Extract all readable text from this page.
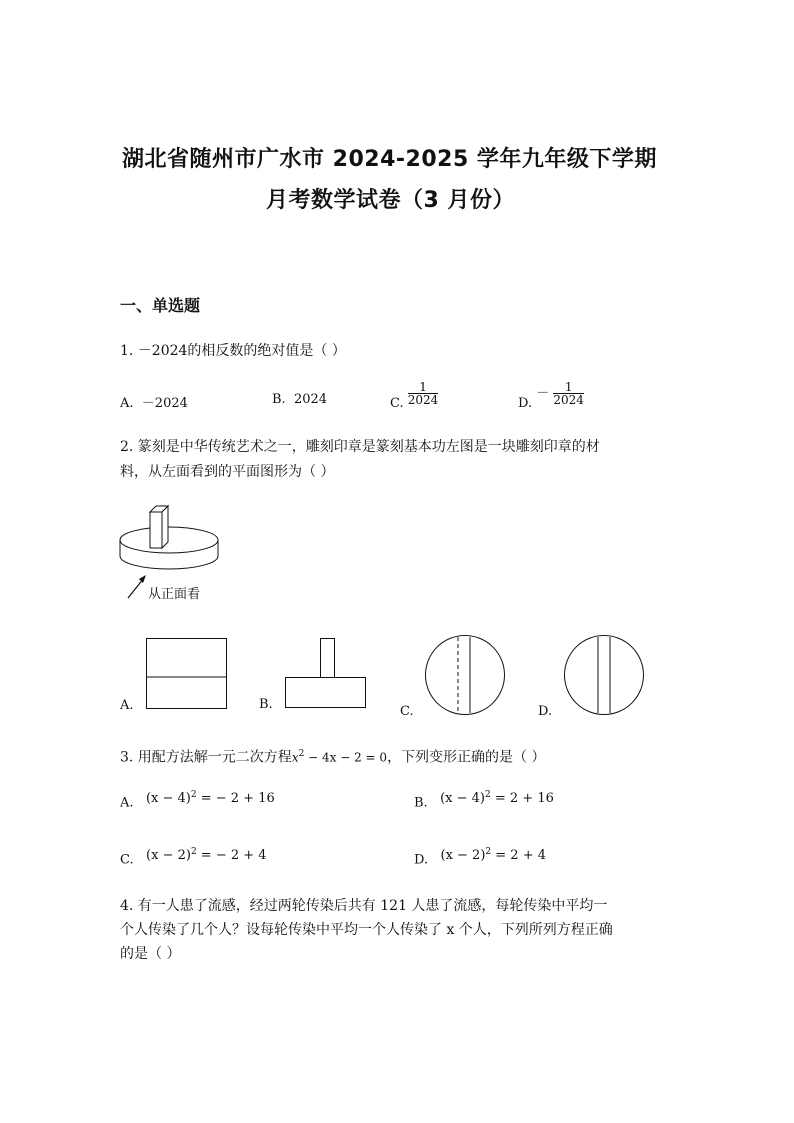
湖北省随州市广水市 2024-2025 学年九年级下学期
月考数学试卷（3 月份）
一、单选题
1. －2024的相反数的绝对值是（ ）
A. －2024	B. 2024	C. $\frac{1}{2024}$	D. － $\frac{1}{2024}$
2. 篆刻是中华传统艺术之一，雕刻印章是篆刻基本功左图是一块雕刻印章的材
料，从左面看到的平面图形为（ ）
从正面看
A.	B.	C.	D.
3. 用配方法解一元二次方程$x^2 - 4x - 2 = 0$，下列变形正确的是（ ）
A. $(x - 4)^2$ = − 2 + 16	B. $(x - 4)^2 = 2 + 16$
C. $(x - 2)^2$ = − 2 + 4	D. $(x - 2)^2 = 2 + 4$
4. 有一人患了流感，经过两轮传染后共有 121 人患了流感，每轮传染中平均一
个人传染了几个人？设每轮传染中平均一个人传染了 x 个人，下列所列方程正确
的是（ ）
